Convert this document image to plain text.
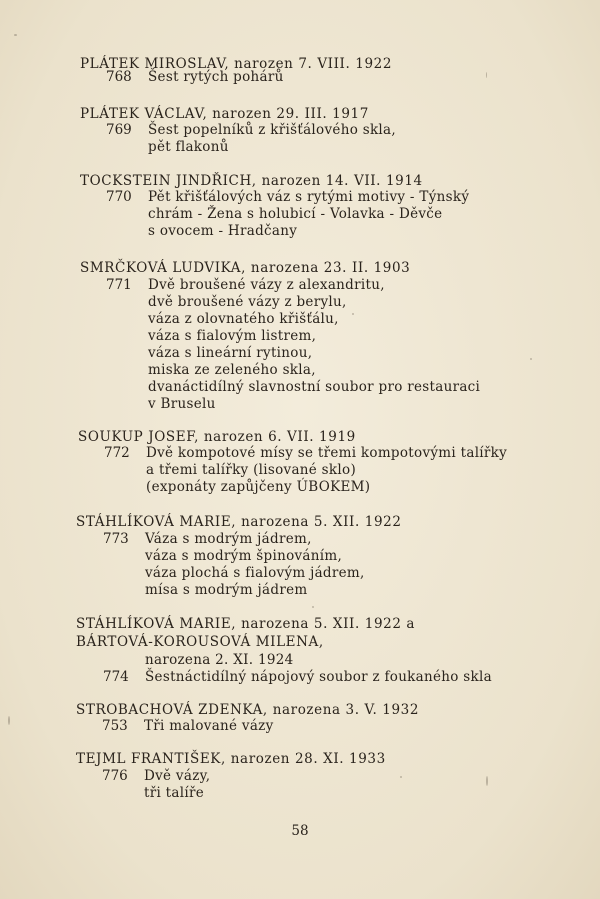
PLÁTEK MIROSLAV, narozen 7. VIII. 1922
768 Šest rytých pohárů
PLÁTEK VÁCLAV, narozen 29. III. 1917
769 Šest popelníků z křišťálového skla,
pět flakonů
TOCKSTEIN JINDŘICH, narozen 14. VII. 1914
770 Pět křišťálových váz s rytými motivy - Týnský
chrám - Žena s holubicí - Volavka - Děvče
s ovocem - Hradčany
SMRČKOVÁ LUDVIKA, narozena 23. II. 1903
771 Dvě broušené vázy z alexandritu,
dvě broušené vázy z berylu,
váza z olovnatého křišťálu,
váza s fialovým listrem,
váza s lineární rytinou,
miska ze zeleného skla,
dvanáctidílný slavnostní soubor pro restauraci
v Bruselu
SOUKUP JOSEF, narozen 6. VII. 1919
772 Dvě kompotové mísy se třemi kompotovými talířky
a třemi talířky (lisované sklo)
(exponáty zapůjčeny ÚBOKEM)
STÁHLÍKOVÁ MARIE, narozena 5. XII. 1922
773 Váza s modrým jádrem,
váza s modrým špinováním,
váza plochá s fialovým jádrem,
mísa s modrým jádrem
STÁHLÍKOVÁ MARIE, narozena 5. XII. 1922 a
BÁRTOVÁ-KOROUSOVÁ MILENA,
narozena 2. XI. 1924
774 Šestnáctidílný nápojový soubor z foukaného skla
STROBACHOVÁ ZDENKA, narozena 3. V. 1932
753 Tři malované vázy
TEJML FRANTIŠEK, narozen 28. XI. 1933
776 Dvě vázy,
tři talíře
58
